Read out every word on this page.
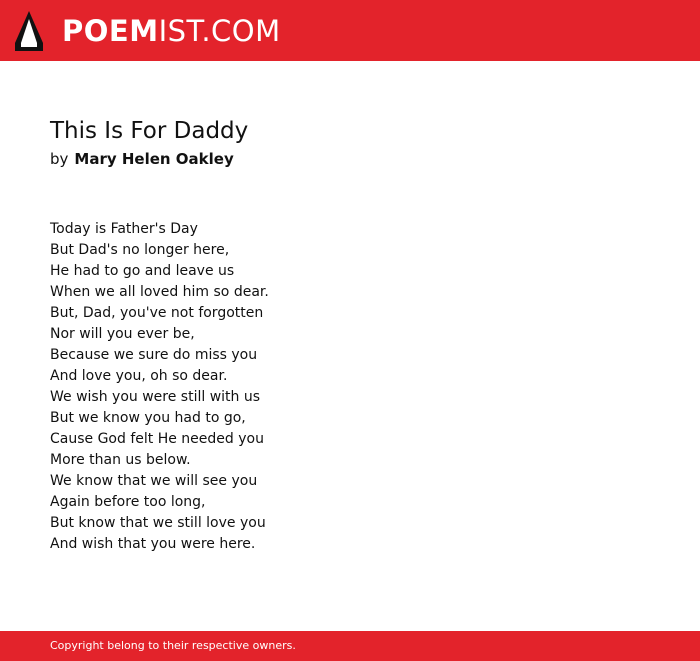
POEMIST.COM
This Is For Daddy
by Mary Helen Oakley
Today is Father's Day
But Dad's no longer here,
He had to go and leave us
When we all loved him so dear.
But, Dad, you've not forgotten
Nor will you ever be,
Because we sure do miss you
And love you, oh so dear.
We wish you were still with us
But we know you had to go,
Cause God felt He needed you
More than us below.
We know that we will see you
Again before too long,
But know that we still love you
And wish that you were here.
Copyright belong to their respective owners.
